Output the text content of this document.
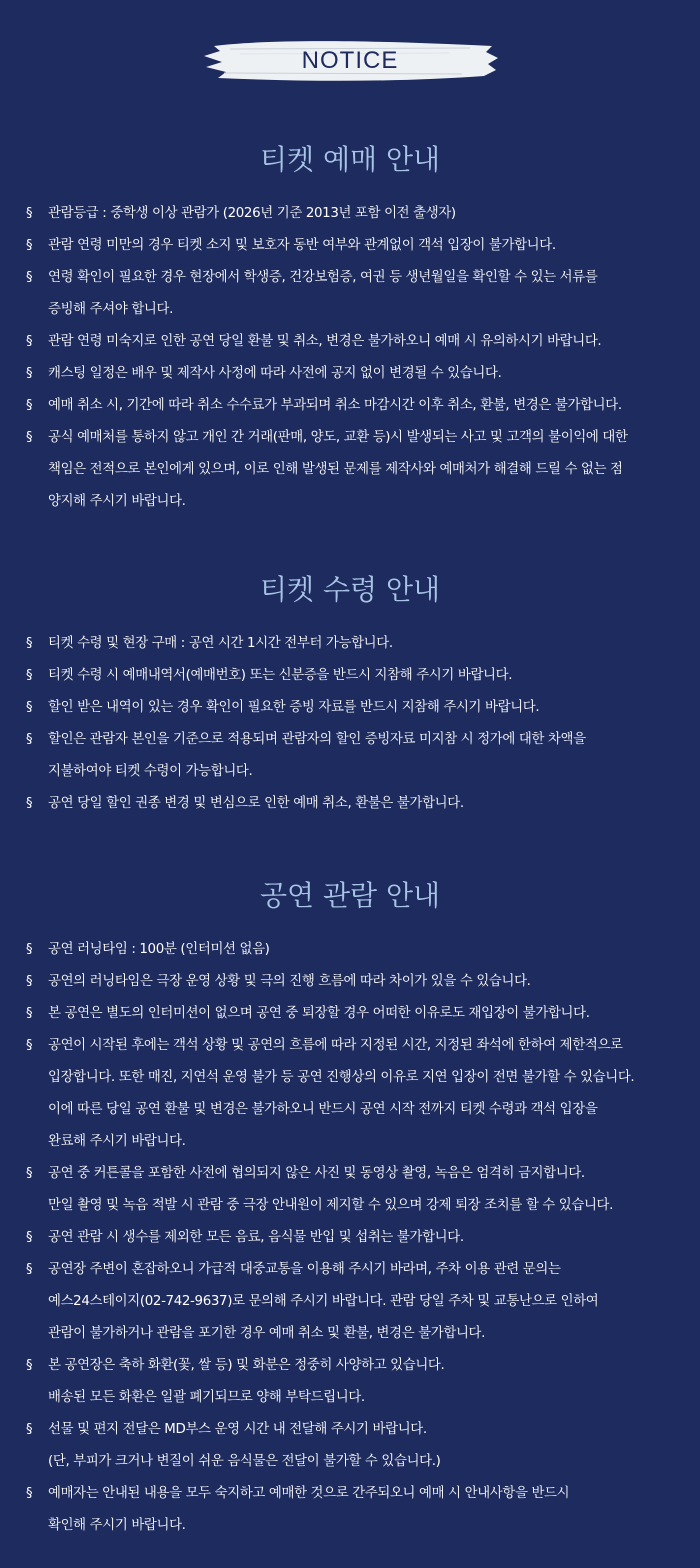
NOTICE
티켓 예매 안내
§ 관람등급 : 중학생 이상 관람가 (2026년 기준 2013년 포함 이전 출생자)
§ 관람 연령 미만의 경우 티켓 소지 및 보호자 동반 여부와 관계없이 객석 입장이 불가합니다.
§ 연령 확인이 필요한 경우 현장에서 학생증, 건강보험증, 여권 등 생년월일을 확인할 수 있는 서류를
증빙해 주셔야 합니다.
§ 관람 연령 미숙지로 인한 공연 당일 환불 및 취소, 변경은 불가하오니 예매 시 유의하시기 바랍니다.
§ 캐스팅 일정은 배우 및 제작사 사정에 따라 사전에 공지 없이 변경될 수 있습니다.
§ 예매 취소 시, 기간에 따라 취소 수수료가 부과되며 취소 마감시간 이후 취소, 환불, 변경은 불가합니다.
§ 공식 예매처를 통하지 않고 개인 간 거래(판매, 양도, 교환 등)시 발생되는 사고 및 고객의 불이익에 대한
책임은 전적으로 본인에게 있으며, 이로 인해 발생된 문제를 제작사와 예매처가 해결해 드릴 수 없는 점
양지해 주시기 바랍니다.
티켓 수령 안내
§ 티켓 수령 및 현장 구매 : 공연 시간 1시간 전부터 가능합니다.
§ 티켓 수령 시 예매내역서(예매번호) 또는 신분증을 반드시 지참해 주시기 바랍니다.
§ 할인 받은 내역이 있는 경우 확인이 필요한 증빙 자료를 반드시 지참해 주시기 바랍니다.
§ 할인은 관람자 본인을 기준으로 적용되며 관람자의 할인 증빙자료 미지참 시 정가에 대한 차액을
지불하여야 티켓 수령이 가능합니다.
§ 공연 당일 할인 권종 변경 및 변심으로 인한 예매 취소, 환불은 불가합니다.
공연 관람 안내
§ 공연 러닝타임 : 100분 (인터미션 없음)
§ 공연의 러닝타임은 극장 운영 상황 및 극의 진행 흐름에 따라 차이가 있을 수 있습니다.
§ 본 공연은 별도의 인터미션이 없으며 공연 중 퇴장할 경우 어떠한 이유로도 재입장이 불가합니다.
§ 공연이 시작된 후에는 객석 상황 및 공연의 흐름에 따라 지정된 시간, 지정된 좌석에 한하여 제한적으로
입장합니다. 또한 매진, 지연석 운영 불가 등 공연 진행상의 이유로 지연 입장이 전면 불가할 수 있습니다.
이에 따른 당일 공연 환불 및 변경은 불가하오니 반드시 공연 시작 전까지 티켓 수령과 객석 입장을
완료해 주시기 바랍니다.
§ 공연 중 커튼콜을 포함한 사전에 협의되지 않은 사진 및 동영상 촬영, 녹음은 엄격히 금지합니다.
만일 촬영 및 녹음 적발 시 관람 중 극장 안내원이 제지할 수 있으며 강제 퇴장 조치를 할 수 있습니다.
§ 공연 관람 시 생수를 제외한 모든 음료, 음식물 반입 및 섭취는 불가합니다.
§ 공연장 주변이 혼잡하오니 가급적 대중교통을 이용해 주시기 바라며, 주차 이용 관련 문의는
예스24스테이지(02-742-9637)로 문의해 주시기 바랍니다. 관람 당일 주차 및 교통난으로 인하여
관람이 불가하거나 관람을 포기한 경우 예매 취소 및 환불, 변경은 불가합니다.
§ 본 공연장은 축하 화환(꽃, 쌀 등) 및 화분은 정중히 사양하고 있습니다.
배송된 모든 화환은 일괄 폐기되므로 양해 부탁드립니다.
§ 선물 및 편지 전달은 MD부스 운영 시간 내 전달해 주시기 바랍니다.
(단, 부피가 크거나 변질이 쉬운 음식물은 전달이 불가할 수 있습니다.)
§ 예매자는 안내된 내용을 모두 숙지하고 예매한 것으로 간주되오니 예매 시 안내사항을 반드시
확인해 주시기 바랍니다.
